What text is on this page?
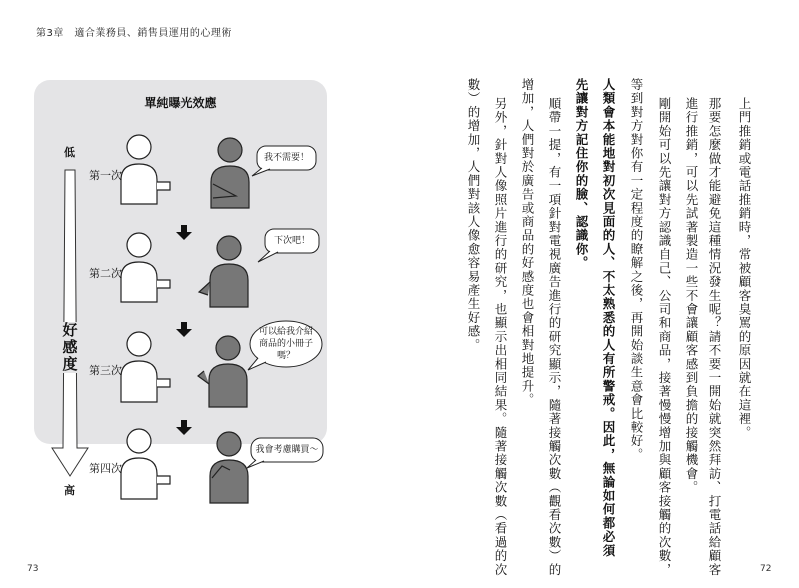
第3章　適合業務員、銷售員運用的心理術
單純曝光效應
低
好感度
高
第一次
第二次
第三次
第四次
我不需要！
下次吧！
可以給我介紹商品的小冊子嗎？
我會考慮購買～
73	72
上門推銷或電話推銷時，常被顧客臭罵的原因就在這裡。
那要怎麼做才能避免這種情況發生呢？請不要一開始就突然拜訪、打電話給顧客
進行推銷，可以先試著製造一些不會讓顧客感到負擔的接觸機會。
剛開始可以先讓對方認識自己、公司和商品，接著慢慢增加與顧客接觸的次數，
等到對方對你有一定程度的瞭解之後，再開始談生意會比較好。
人類會本能地對初次見面的人、不太熟悉的人有所警戒。因此，無論如何都必須
先讓對方記住你的臉、認識你。
順帶一提，有一項針對電視廣告進行的研究顯示，隨著接觸次數（觀看次數）的
增加，人們對於廣告或商品的好感度也會相對地提升。
另外，針對人像照片進行的研究，也顯示出相同結果。隨著接觸次數（看過的次
數）的增加，人們對該人像愈容易產生好感。
